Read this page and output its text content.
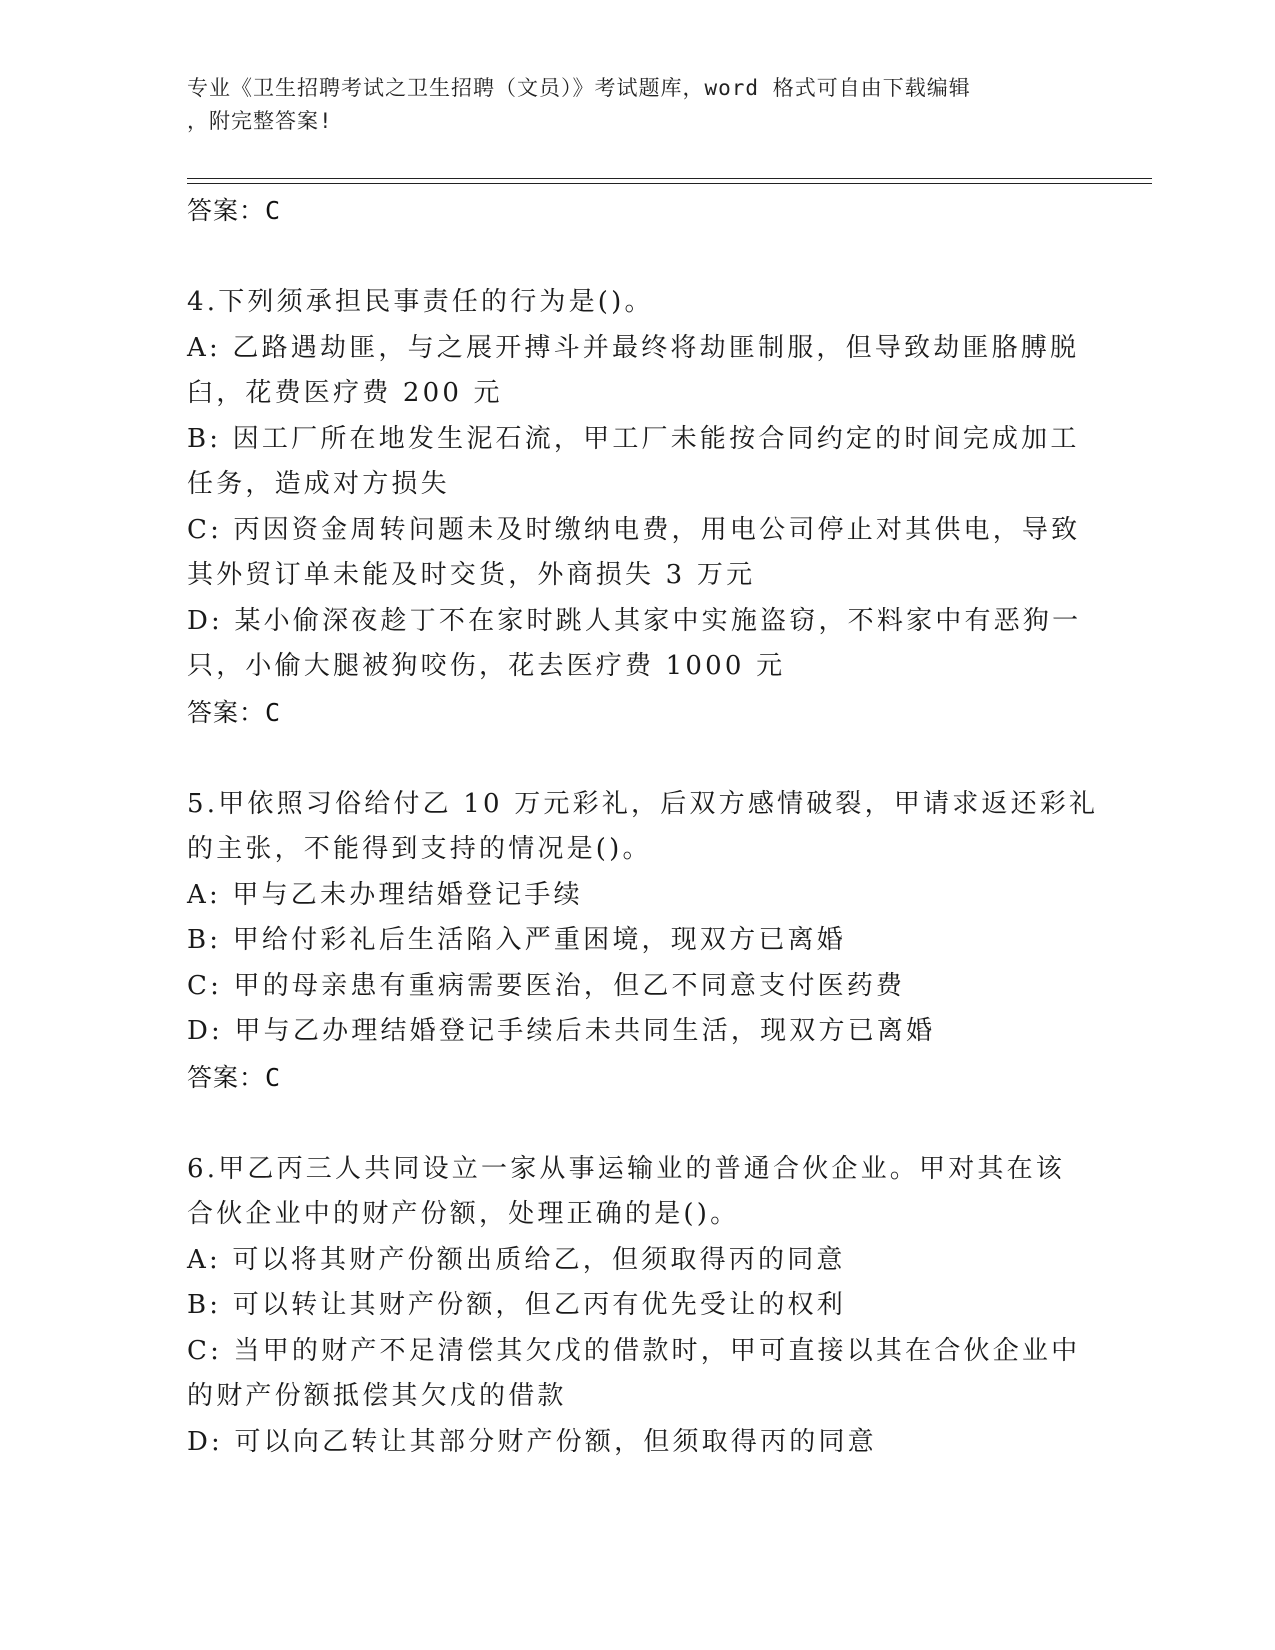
专业《卫生招聘考试之卫生招聘（文员）》考试题库，word 格式可自由下载编辑
，附完整答案!
答案：C
4.下列须承担民事责任的行为是()。
A: 乙路遇劫匪，与之展开搏斗并最终将劫匪制服，但导致劫匪胳膊脱
臼，花费医疗费 200 元
B: 因工厂所在地发生泥石流，甲工厂未能按合同约定的时间完成加工
任务，造成对方损失
C: 丙因资金周转问题未及时缴纳电费，用电公司停止对其供电，导致
其外贸订单未能及时交货，外商损失 3 万元
D: 某小偷深夜趁丁不在家时跳人其家中实施盗窃，不料家中有恶狗一
只，小偷大腿被狗咬伤，花去医疗费 1000 元
答案：C
5.甲依照习俗给付乙 10 万元彩礼，后双方感情破裂，甲请求返还彩礼
的主张，不能得到支持的情况是()。
A: 甲与乙未办理结婚登记手续
B: 甲给付彩礼后生活陷入严重困境，现双方已离婚
C: 甲的母亲患有重病需要医治，但乙不同意支付医药费
D: 甲与乙办理结婚登记手续后未共同生活，现双方已离婚
答案：C
6.甲乙丙三人共同设立一家从事运输业的普通合伙企业。甲对其在该
合伙企业中的财产份额，处理正确的是()。
A: 可以将其财产份额出质给乙，但须取得丙的同意
B: 可以转让其财产份额，但乙丙有优先受让的权利
C: 当甲的财产不足清偿其欠戊的借款时，甲可直接以其在合伙企业中
的财产份额抵偿其欠戊的借款
D: 可以向乙转让其部分财产份额，但须取得丙的同意
